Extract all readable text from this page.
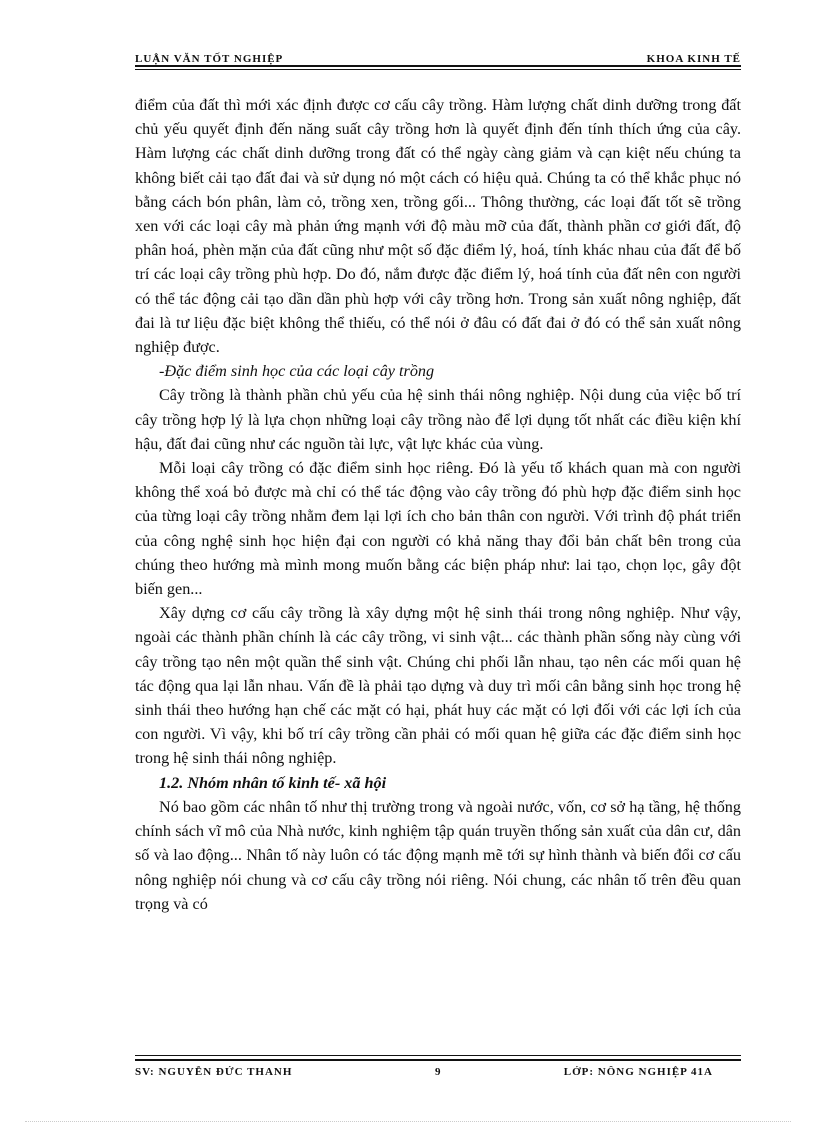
LUẬN VĂN TỐT NGHIỆP	KHOA KINH TẾ

điểm của đất thì mới xác định được cơ cấu cây trồng. Hàm lượng chất dinh dưỡng trong đất chủ yếu quyết định đến năng suất cây trồng hơn là quyết định đến tính thích ứng của cây. Hàm lượng các chất dinh dưỡng trong đất có thể ngày càng giảm và cạn kiệt nếu chúng ta không biết cải tạo đất đai và sử dụng nó một cách có hiệu quả. Chúng ta có thể khắc phục nó bằng cách bón phân, làm cỏ, trồng xen, trồng gối... Thông thường, các loại đất tốt sẽ trồng xen với các loại cây mà phản ứng mạnh với độ màu mỡ của đất, thành phần cơ giới đất, độ phân hoá, phèn mặn của đất cũng như một số đặc điểm lý, hoá, tính khác nhau của đất để bố trí các loại cây trồng phù hợp. Do đó, nắm được đặc điểm lý, hoá tính của đất nên con người có thể tác động cải tạo dần dần phù hợp với cây trồng hơn. Trong sản xuất nông nghiệp, đất đai là tư liệu đặc biệt không thể thiếu, có thể nói ở đâu có đất đai ở đó có thể sản xuất nông nghiệp được.

-Đặc điểm sinh học của các loại cây trồng

Cây trồng là thành phần chủ yếu của hệ sinh thái nông nghiệp. Nội dung của việc bố trí cây trồng hợp lý là lựa chọn những loại cây trồng nào để lợi dụng tốt nhất các điều kiện khí hậu, đất đai cũng như các nguồn tài lực, vật lực khác của vùng.

Mỗi loại cây trồng có đặc điểm sinh học riêng. Đó là yếu tố khách quan mà con người không thể xoá bỏ được mà chỉ có thể tác động vào cây trồng đó phù hợp đặc điểm sinh học của từng loại cây trồng nhằm đem lại lợi ích cho bản thân con người. Với trình độ phát triển của công nghệ sinh học hiện đại con người có khả năng thay đổi bản chất bên trong của chúng theo hướng mà mình mong muốn bằng các biện pháp như: lai tạo, chọn lọc, gây đột biến gen...

Xây dựng cơ cấu cây trồng là xây dựng một hệ sinh thái trong nông nghiệp. Như vậy, ngoài các thành phần chính là các cây trồng, vi sinh vật... các thành phần sống này cùng với cây trồng tạo nên một quần thể sinh vật. Chúng chi phối lẫn nhau, tạo nên các mối quan hệ tác động qua lại lẫn nhau. Vấn đề là phải tạo dựng và duy trì mối cân bằng sinh học trong hệ sinh thái theo hướng hạn chế các mặt có hại, phát huy các mặt có lợi đối với các lợi ích của con người. Vì vậy, khi bố trí cây trồng cần phải có mối quan hệ giữa các đặc điểm sinh học trong hệ sinh thái nông nghiệp.

1.2. Nhóm nhân tố kinh tế- xã hội

Nó bao gồm các nhân tố như thị trường trong và ngoài nước, vốn, cơ sở hạ tầng, hệ thống chính sách vĩ mô của Nhà nước, kinh nghiệm tập quán truyền thống sản xuất của dân cư, dân số và lao động... Nhân tố này luôn có tác động mạnh mẽ tới sự hình thành và biến đổi cơ cấu nông nghiệp nói chung và cơ cấu cây trồng nói riêng. Nói chung, các nhân tố trên đều quan trọng và có

SV: NGUYỄN ĐỨC THANH	9	LỚP: NÔNG NGHIỆP 41A
